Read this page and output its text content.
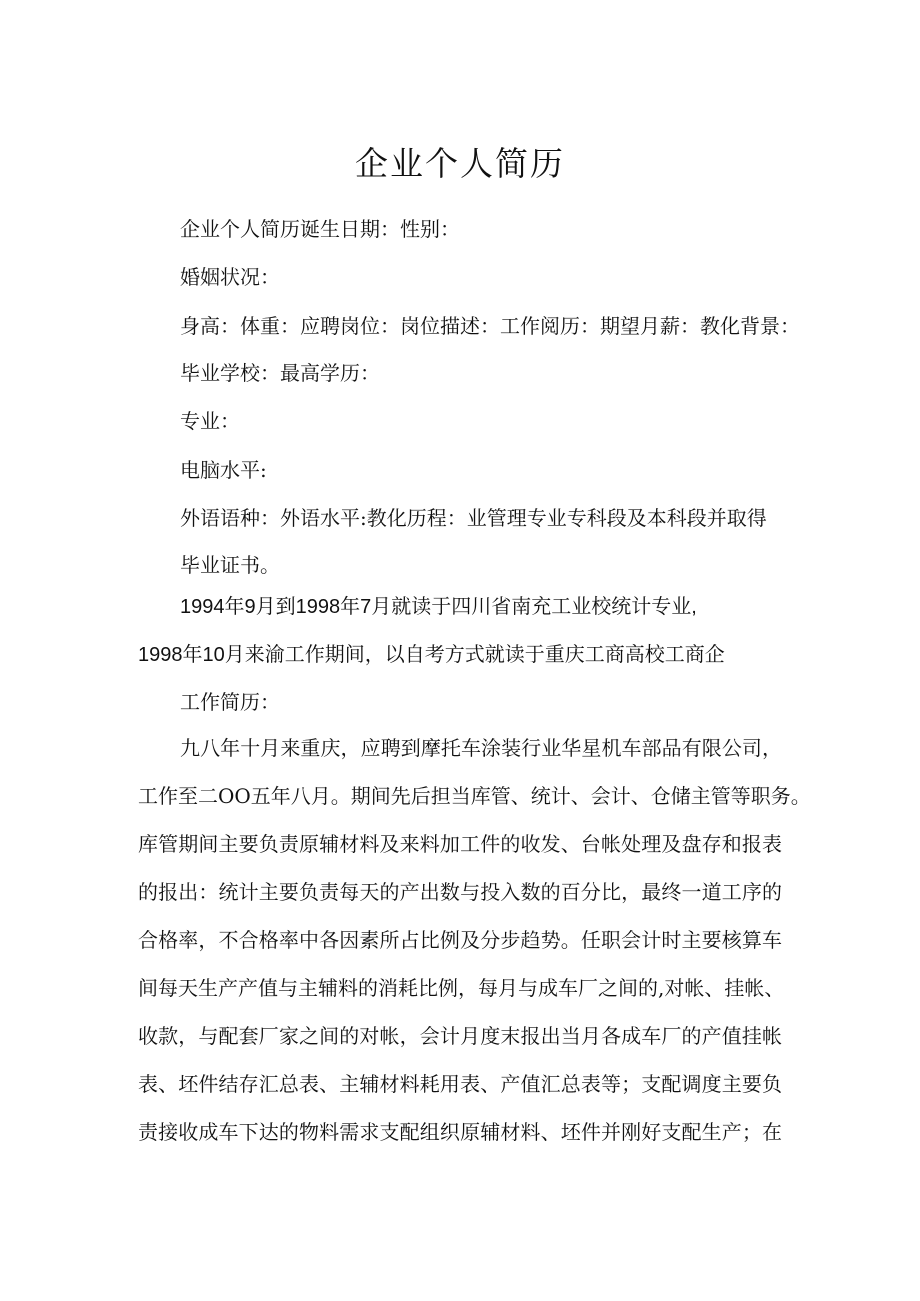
企业个人简历
企业个人简历诞生日期：性别：
婚姻状况：
身高：体重：应聘岗位：岗位描述：工作阅历：期望月薪：教化背景：
毕业学校：最高学历：
专业：
电脑水平:
外语语种：外语水平:教化历程：业管理专业专科段及本科段并取得
毕业证书。
1994年9月到1998年7月就读于四川省南充工业校统计专业,
1998年10月来渝工作期间，以自考方式就读于重庆工商高校工商企
工作简历：
九八年十月来重庆，应聘到摩托车涂装行业华星机车部品有限公司，
工作至二OO五年八月。期间先后担当库管、统计、会计、仓储主管等职务。
库管期间主要负责原辅材料及来料加工件的收发、台帐处理及盘存和报表
的报出：统计主要负责每天的产出数与投入数的百分比，最终一道工序的
合格率，不合格率中各因素所占比例及分步趋势。任职会计时主要核算车
间每天生产产值与主辅料的消耗比例，每月与成车厂之间的,对帐、挂帐、
收款，与配套厂家之间的对帐，会计月度末报出当月各成车厂的产值挂帐
表、坯件结存汇总表、主辅材料耗用表、产值汇总表等；支配调度主要负
责接收成车下达的物料需求支配组织原辅材料、坯件并刚好支配生产；在
